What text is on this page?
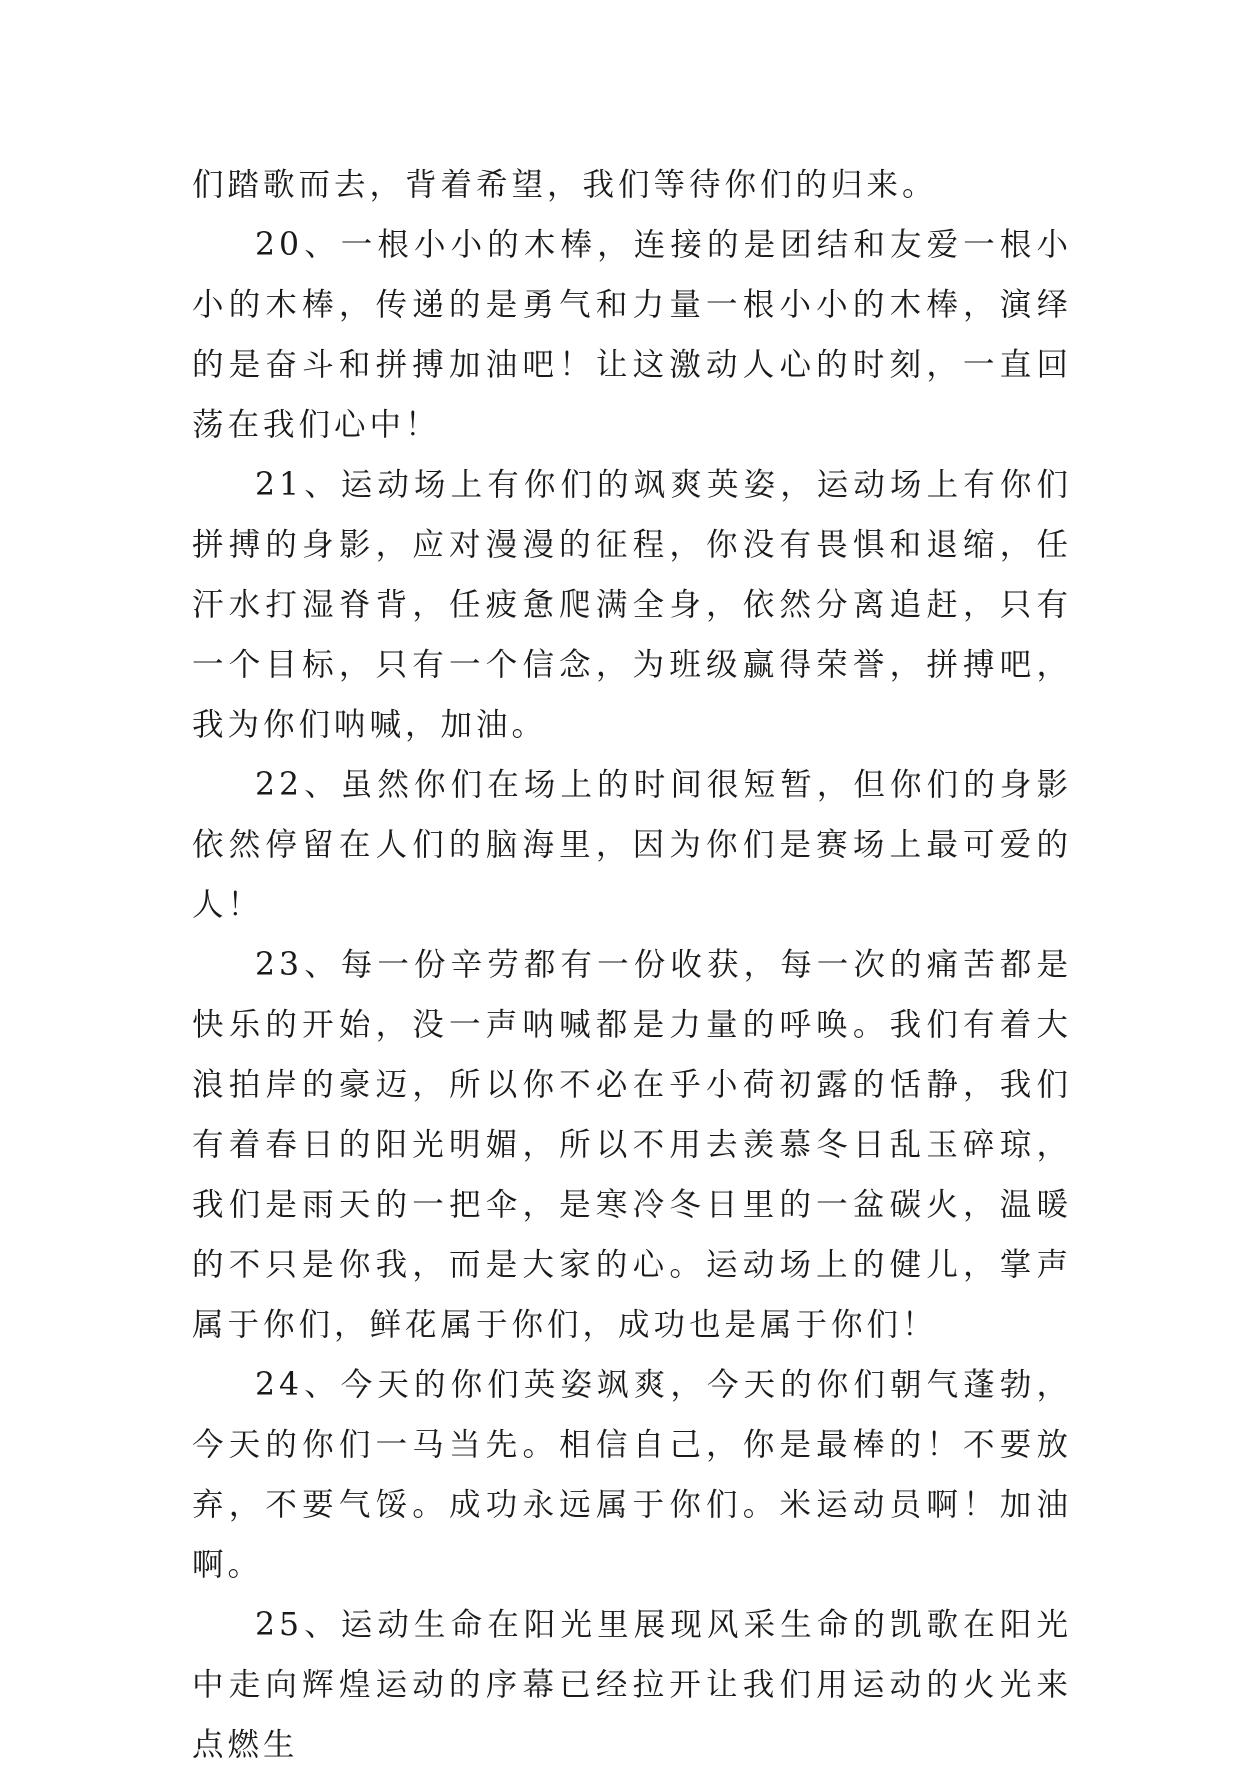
们踏歌而去，背着希望，我们等待你们的归来。

20、一根小小的木棒，连接的是团结和友爱一根小小的木棒，传递的是勇气和力量一根小小的木棒，演绎的是奋斗和拼搏加油吧！让这激动人心的时刻，一直回荡在我们心中！

21、运动场上有你们的飒爽英姿，运动场上有你们拼搏的身影，应对漫漫的征程，你没有畏惧和退缩，任汗水打湿脊背，任疲惫爬满全身，依然分离追赶，只有一个目标，只有一个信念，为班级赢得荣誉，拼搏吧，我为你们呐喊，加油。

22、虽然你们在场上的时间很短暂，但你们的身影依然停留在人们的脑海里，因为你们是赛场上最可爱的人！

23、每一份辛劳都有一份收获，每一次的痛苦都是快乐的开始，没一声呐喊都是力量的呼唤。我们有着大浪拍岸的豪迈，所以你不必在乎小荷初露的恬静，我们有着春日的阳光明媚，所以不用去羡慕冬日乱玉碎琼，我们是雨天的一把伞，是寒冷冬日里的一盆碳火，温暖的不只是你我，而是大家的心。运动场上的健儿，掌声属于你们，鲜花属于你们，成功也是属于你们！

24、今天的你们英姿飒爽，今天的你们朝气蓬勃，今天的你们一马当先。相信自己，你是最棒的！不要放弃，不要气馁。成功永远属于你们。米运动员啊！加油啊。

25、运动生命在阳光里展现风采生命的凯歌在阳光中走向辉煌运动的序幕已经拉开让我们用运动的火光来点燃生
